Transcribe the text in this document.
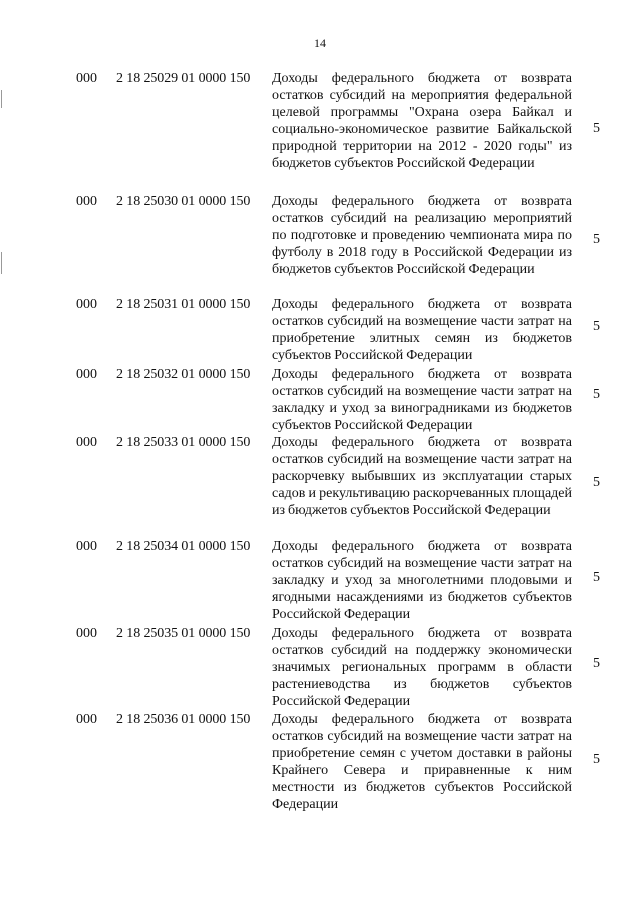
14
000 2 18 25029 01 0000 150 Доходы федерального бюджета от возврата остатков субсидий на мероприятия федеральной целевой программы "Охрана озера Байкал и социально-экономическое развитие Байкальской природной территории на 2012 - 2020 годы" из бюджетов субъектов Российской Федерации
5
000 2 18 25030 01 0000 150 Доходы федерального бюджета от возврата остатков субсидий на реализацию мероприятий по подготовке и проведению чемпионата мира по футболу в 2018 году в Российской Федерации из бюджетов субъектов Российской Федерации
5
000 2 18 25031 01 0000 150 Доходы федерального бюджета от возврата остатков субсидий на возмещение части затрат на приобретение элитных семян из бюджетов субъектов Российской Федерации
5
000 2 18 25032 01 0000 150 Доходы федерального бюджета от возврата остатков субсидий на возмещение части затрат на закладку и уход за виноградниками из бюджетов субъектов Российской Федерации
5
000 2 18 25033 01 0000 150 Доходы федерального бюджета от возврата остатков субсидий на возмещение части затрат на раскорчевку выбывших из эксплуатации старых садов и рекультивацию раскорчеванных площадей из бюджетов субъектов Российской Федерации
5
000 2 18 25034 01 0000 150 Доходы федерального бюджета от возврата остатков субсидий на возмещение части затрат на закладку и уход за многолетними плодовыми и ягодными насаждениями из бюджетов субъектов Российской Федерации
5
000 2 18 25035 01 0000 150 Доходы федерального бюджета от возврата остатков субсидий на поддержку экономически значимых региональных программ в области растениеводства из бюджетов субъектов Российской Федерации
5
000 2 18 25036 01 0000 150 Доходы федерального бюджета от возврата остатков субсидий на возмещение части затрат на приобретение семян с учетом доставки в районы Крайнего Севера и приравненные к ним местности из бюджетов субъектов Российской Федерации
5
